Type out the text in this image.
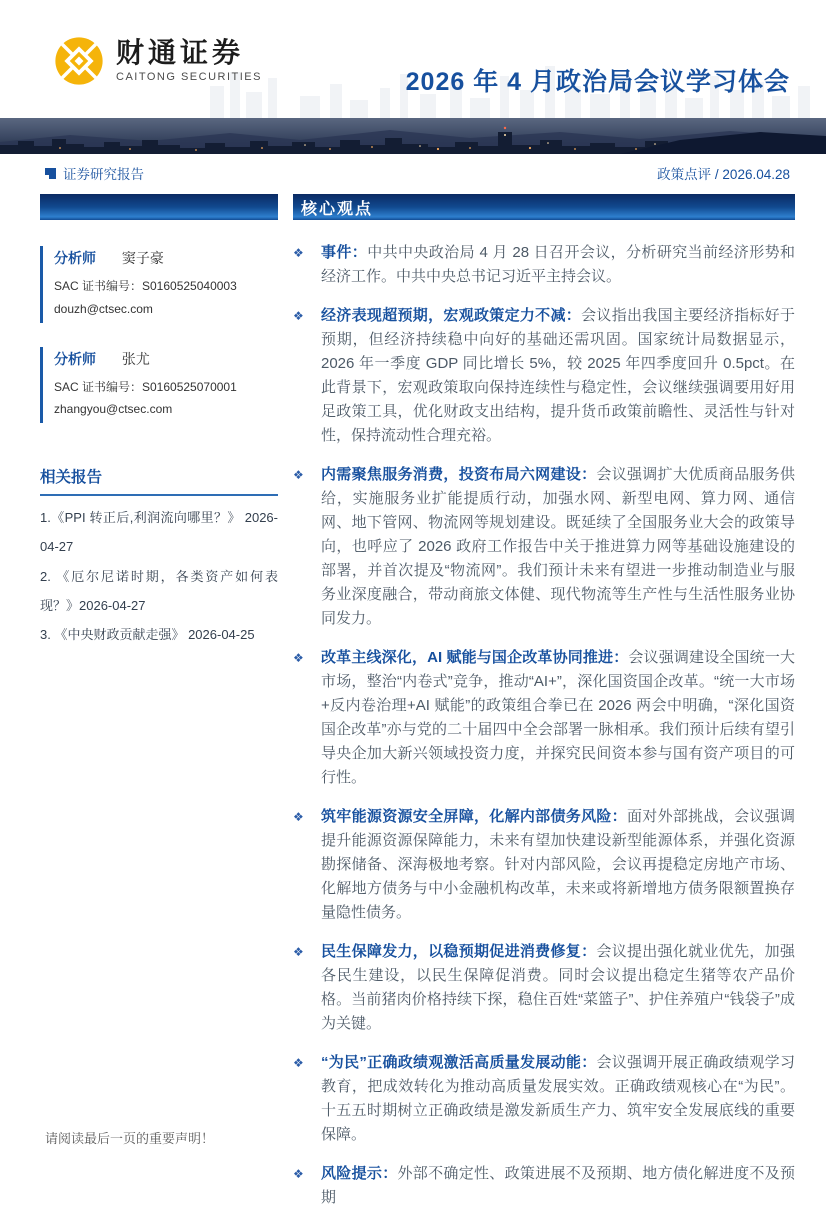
财通证券
CAITONG SECURITIES	2026 年 4 月政治局会议学习体会
证券研究报告	政策点评 / 2026.04.28
分析师 窦子豪
SAC 证书编号：S0160525040003
douzh@ctsec.com
分析师 张尤
SAC 证书编号：S0160525070001
zhangyou@ctsec.com
相关报告
1.《PPI 转正后,利润流向哪里？》 2026-04-27
2. 《厄尔尼诺时期，各类资产如何表现？》2026-04-27
3. 《中央财政贡献走强》 2026-04-25
核心观点
❖ 事件：中共中央政治局 4 月 28 日召开会议，分析研究当前经济形势和经济工作。中共中央总书记习近平主持会议。
❖ 经济表现超预期，宏观政策定力不减：会议指出我国主要经济指标好于预期，但经济持续稳中向好的基础还需巩固。国家统计局数据显示，2026 年一季度 GDP 同比增长 5%，较 2025 年四季度回升 0.5pct。在此背景下，宏观政策取向保持连续性与稳定性，会议继续强调要用好用足政策工具，优化财政支出结构，提升货币政策前瞻性、灵活性与针对性，保持流动性合理充裕。
❖ 内需聚焦服务消费，投资布局六网建设：会议强调扩大优质商品服务供给，实施服务业扩能提质行动，加强水网、新型电网、算力网、通信网、地下管网、物流网等规划建设。既延续了全国服务业大会的政策导向，也呼应了 2026 政府工作报告中关于推进算力网等基础设施建设的部署，并首次提及“物流网”。我们预计未来有望进一步推动制造业与服务业深度融合，带动商旅文体健、现代物流等生产性与生活性服务业协同发力。
❖ 改革主线深化，AI 赋能与国企改革协同推进：会议强调建设全国统一大市场，整治“内卷式”竞争，推动“AI+”，深化国资国企改革。“统一大市场+反内卷治理+AI 赋能”的政策组合拳已在 2026 两会中明确，“深化国资国企改革”亦与党的二十届四中全会部署一脉相承。我们预计后续有望引导央企加大新兴领域投资力度，并探究民间资本参与国有资产项目的可行性。
❖ 筑牢能源资源安全屏障，化解内部债务风险：面对外部挑战，会议强调提升能源资源保障能力，未来有望加快建设新型能源体系，并强化资源勘探储备、深海极地考察。针对内部风险，会议再提稳定房地产市场、化解地方债务与中小金融机构改革，未来或将新增地方债务限额置换存量隐性债务。
❖ 民生保障发力，以稳预期促进消费修复：会议提出强化就业优先，加强各民生建设，以民生保障促消费。同时会议提出稳定生猪等农产品价格。当前猪肉价格持续下探，稳住百姓“菜篮子”、护住养殖户“钱袋子”成为关键。
❖ “为民”正确政绩观激活高质量发展动能：会议强调开展正确政绩观学习教育，把成效转化为推动高质量发展实效。正确政绩观核心在“为民”。十五五时期树立正确政绩是激发新质生产力、筑牢安全发展底线的重要保障。
❖ 风险提示：外部不确定性、政策进展不及预期、地方债化解进度不及预期
请阅读最后一页的重要声明！
